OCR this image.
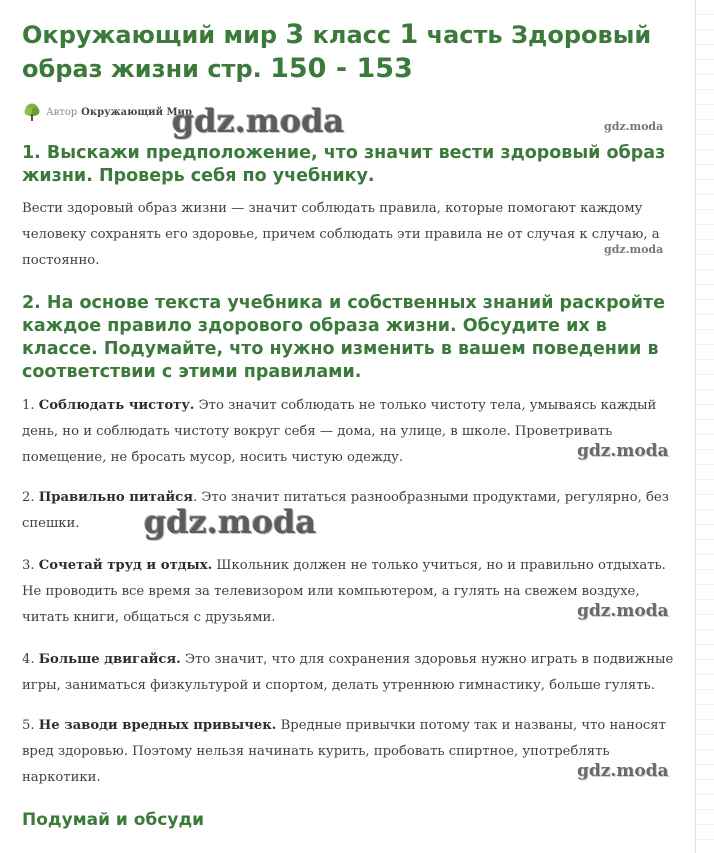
Окружающий мир 3 класс 1 часть Здоровый образ жизни стр. 150 - 153
Автор Окружающий Мир
gdz.moda	gdz.moda
1. Выскажи предположение, что значит вести здоровый образ жизни. Проверь себя по учебнику.

Вести здоровый образ жизни — значит соблюдать правила, которые помогают каждому человеку сохранять его здоровье, причем соблюдать эти правила не от случая к случаю, а постоянно.

gdz.moda
2. На основе текста учебника и собственных знаний раскройте каждое правило здорового образа жизни. Обсудите их в классе. Подумайте, что нужно изменить в вашем поведении в соответствии с этими правилами.

1. Соблюдать чистоту. Это значит соблюдать не только чистоту тела, умываясь каждый день, но и соблюдать чистоту вокруг себя — дома, на улице, в школе. Проветривать помещение, не бросать мусор, носить чистую одежду.	gdz.moda

2. Правильно питайся. Это значит питаться разнообразными продуктами, регулярно, без спешки.	gdz.moda

3. Сочетай труд и отдых. Школьник должен не только учиться, но и правильно отдыхать. Не проводить все время за телевизором или компьютером, а гулять на свежем воздухе, читать книги, общаться с друзьями.	gdz.moda

4. Больше двигайся. Это значит, что для сохранения здоровья нужно играть в подвижные игры, заниматься физкультурой и спортом, делать утреннюю гимнастику, больше гулять.

5. Не заводи вредных привычек. Вредные привычки потому так и названы, что наносят вред здоровью. Поэтому нельзя начинать курить, пробовать спиртное, употреблять наркотики.	gdz.moda
Подумай и обсуди
